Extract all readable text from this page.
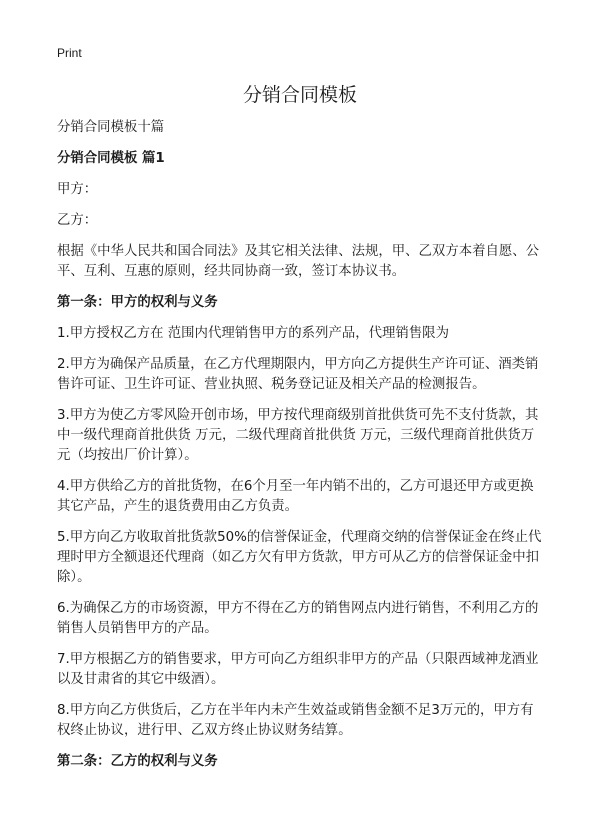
Print
分销合同模板

分销合同模板十篇

分销合同模板 篇1

甲方：

乙方：

根据《中华人民共和国合同法》及其它相关法律、法规，甲、乙双方本着自愿、公
平、互利、互惠的原则，经共同协商一致，签订本协议书。

第一条：甲方的权利与义务

1.甲方授权乙方在 范围内代理销售甲方的系列产品，代理销售限为

2.甲方为确保产品质量，在乙方代理期限内，甲方向乙方提供生产许可证、酒类销
售许可证、卫生许可证、营业执照、税务登记证及相关产品的检测报告。

3.甲方为使乙方零风险开创市场，甲方按代理商级别首批供货可先不支付货款，其
中一级代理商首批供货 万元，二级代理商首批供货 万元，三级代理商首批供货万
元（均按出厂价计算）。

4.甲方供给乙方的首批货物，在6个月至一年内销不出的，乙方可退还甲方或更换
其它产品，产生的退货费用由乙方负责。

5.甲方向乙方收取首批货款50%的信誉保证金，代理商交纳的信誉保证金在终止代
理时甲方全额退还代理商（如乙方欠有甲方货款，甲方可从乙方的信誉保证金中扣
除）。

6.为确保乙方的市场资源，甲方不得在乙方的销售网点内进行销售，不利用乙方的
销售人员销售甲方的产品。

7.甲方根据乙方的销售要求，甲方可向乙方组织非甲方的产品（只限西域神龙酒业
以及甘肃省的其它中级酒）。

8.甲方向乙方供货后，乙方在半年内未产生效益或销售金额不足3万元的，甲方有
权终止协议，进行甲、乙双方终止协议财务结算。

第二条：乙方的权利与义务
